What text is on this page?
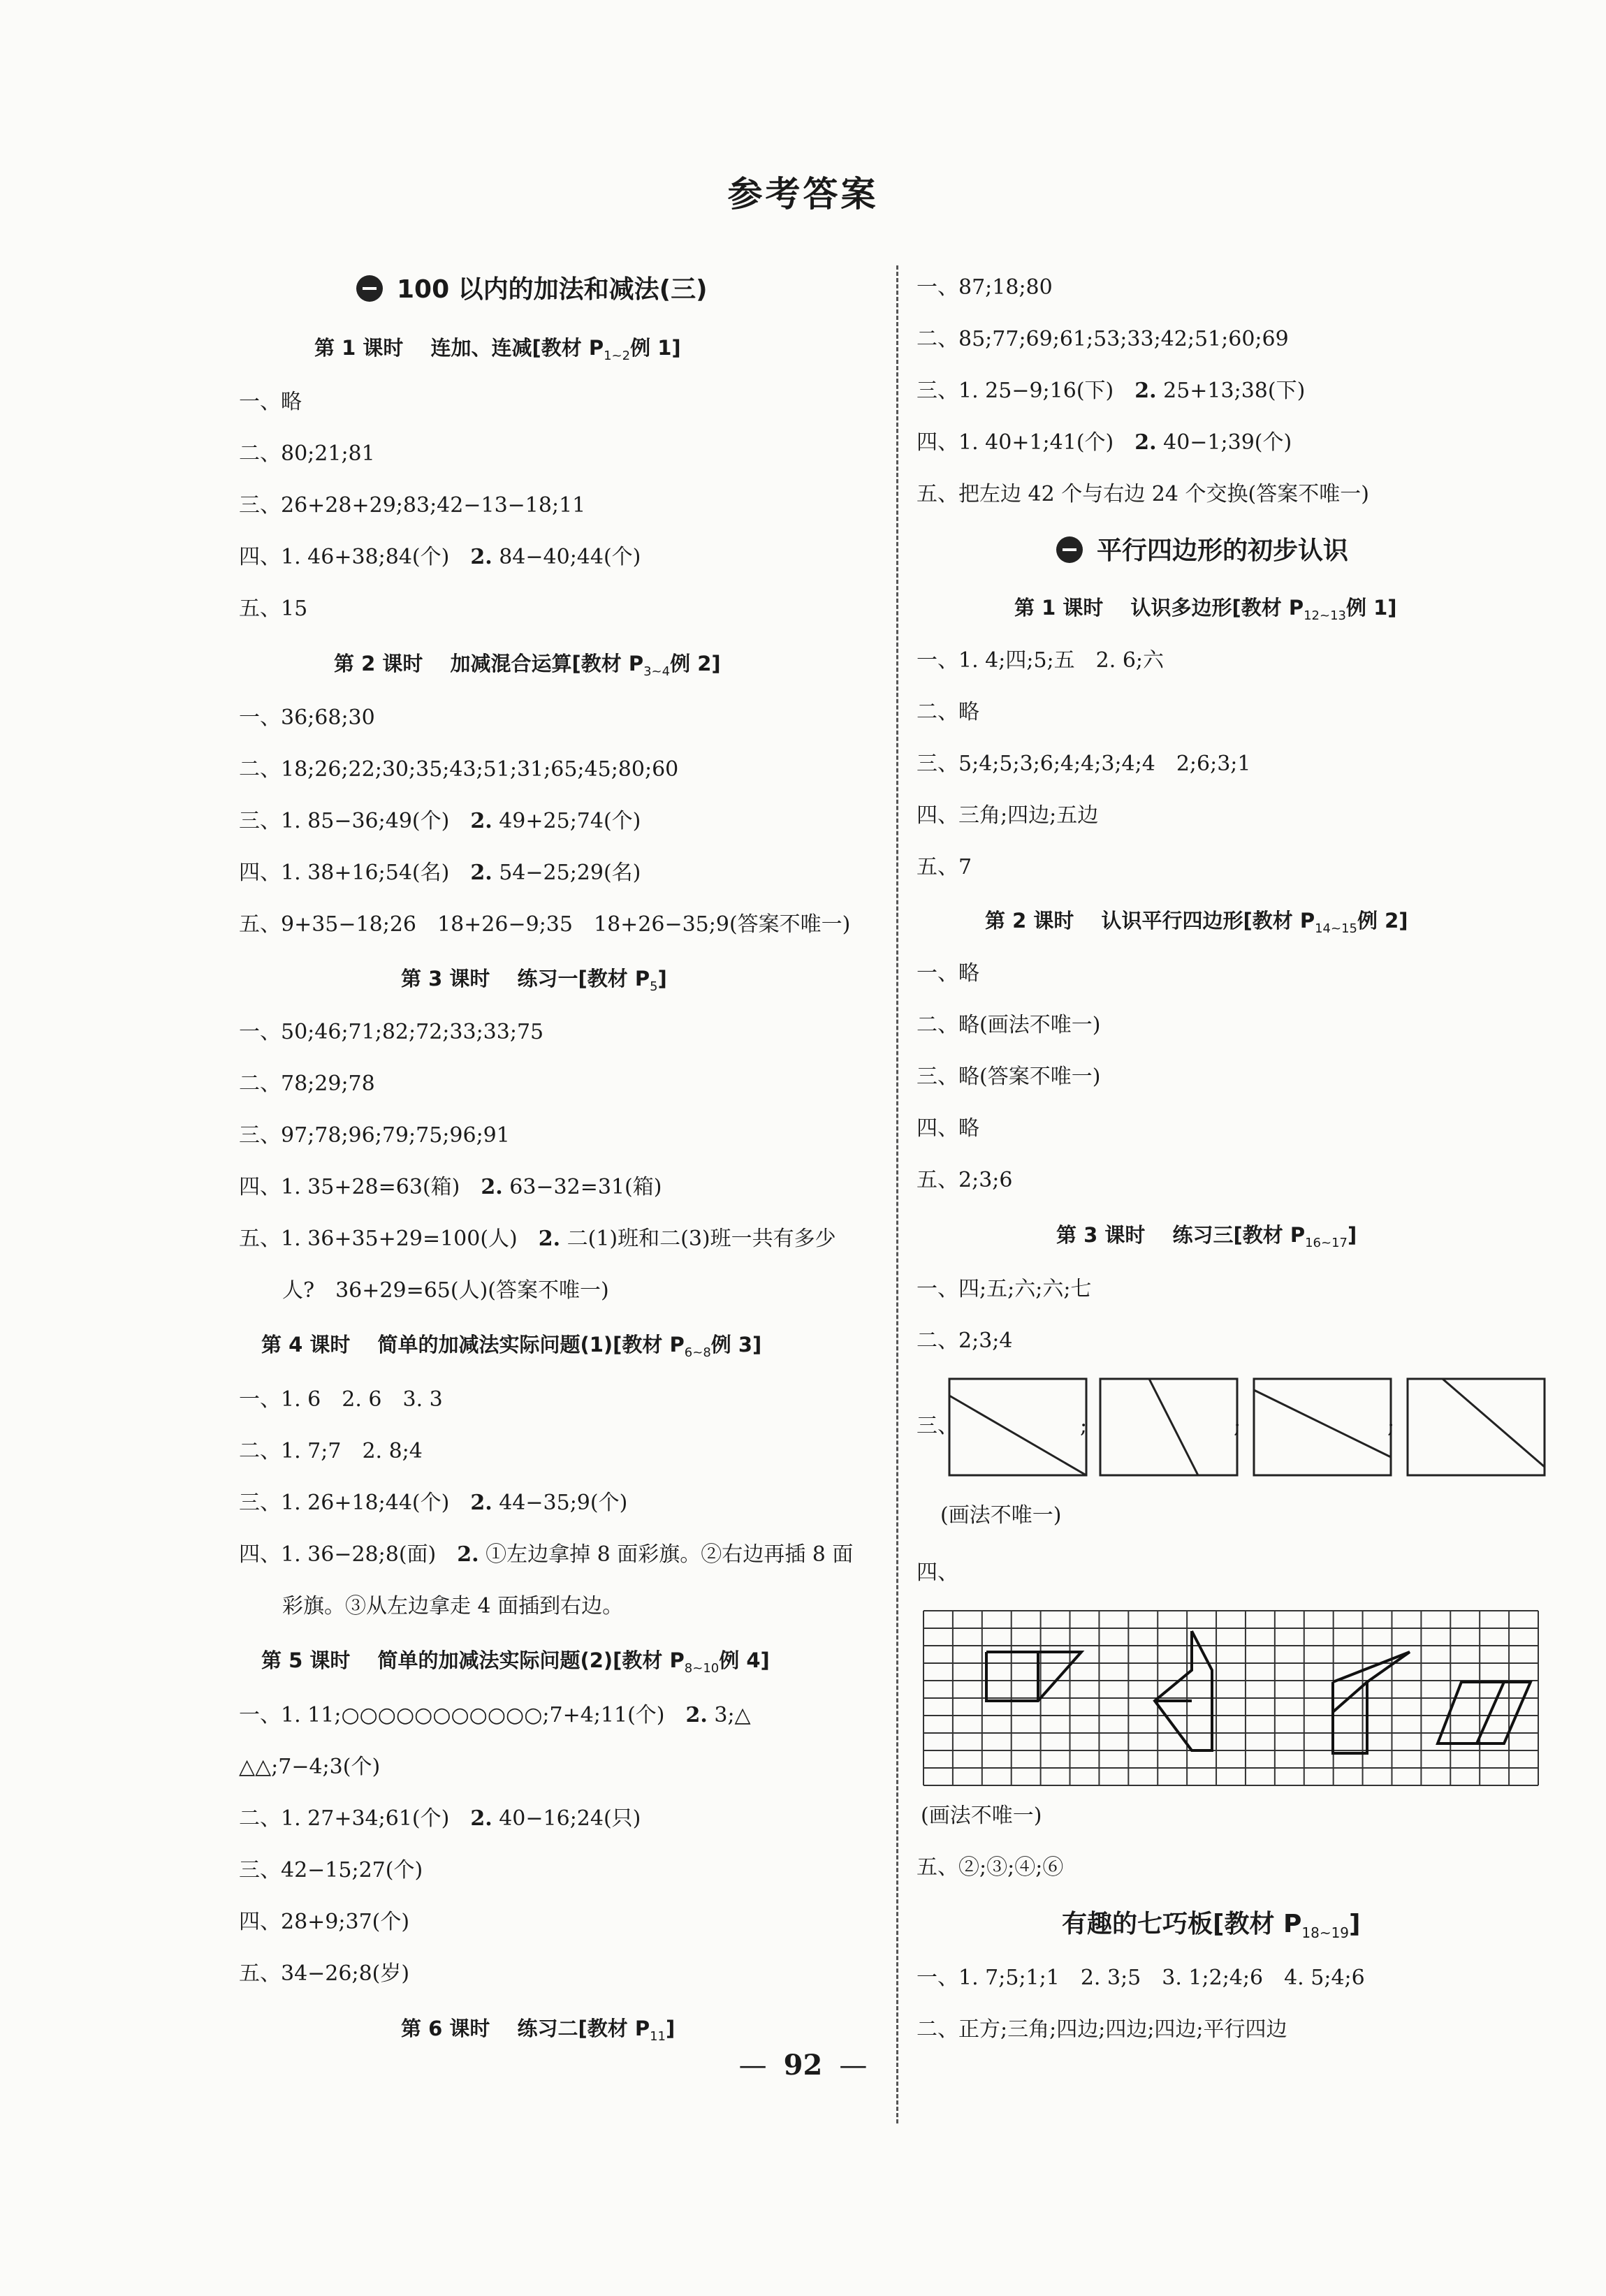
参考答案
100 以内的加法和减法(三)
第 1 课时　 连加、连减[教材 $P_{1\sim 2}$例 1]
一、略
二、80;21;81
三、26+28+29;83;42−13−18;11
四、1. 46+38;84(个)　 2. 84−40;44(个)
五、15
第 2 课时　 加减混合运算[教材 $P_{3\sim 4}$例 2]
一、36;68;30
二、18;26;22;30;35;43;51;31;65;45;80;60
三、1. 85−36;49(个)　 2. 49+25;74(个)
四、1. 38+16;54(名)　 2. 54−25;29(名)
五、9+35−18;26　18+26−9;35　18+26−35;9(答案不唯一)
第 3 课时　 练习一[教材 $P_5$]
一、50;46;71;82;72;33;33;75
二、78;29;78
三、97;78;96;79;75;96;91
四、1. 35+28=63(箱)　 2. 63−32=31(箱)
五、1. 36+35+29=100(人)　 2. 二(1)班和二(3)班一共有多少
人?　36+29=65(人)(答案不唯一)
第 4 课时　 简单的加减法实际问题(1)[教材 $P_{6\sim 8}$例 3]
一、1. 6　2. 6　3. 3
二、1. 7;7　2. 8;4
三、1. 26+18;44(个)　 2. 44−35;9(个)
四、1. 36−28;8(面)　 2. ①左边拿掉 8 面彩旗。②右边再插 8 面
彩旗。③从左边拿走 4 面插到右边。
第 5 课时　 简单的加减法实际问题(2)[教材 $P_{8\sim 10}$例 4]
一、1. 11;○○○○○○○○○○○;7+4;11(个)　 2. 3;△
△△;7−4;3(个)
二、1. 27+34;61(个)　 2. 40−16;24(只)
三、42−15;27(个)
四、28+9;37(个)
五、34−26;8(岁)
第 6 课时　 练习二[教材 $P_{11}$]
一、87;18;80
二、85;77;69;61;53;33;42;51;60;69
三、1. 25−9;16(下)　 2. 25+13;38(下)
四、1. 40+1;41(个)　 2. 40−1;39(个)
五、把左边 42 个与右边 24 个交换(答案不唯一)
平行四边形的初步认识
第 1 课时　 认识多边形[教材 $P_{12\sim 13}$例 1]
一、1. 4;四;5;五　2. 6;六
二、略
三、5;4;5;3;6;4;4;3;4;4　2;6;3;1
四、三角;四边;五边
五、7
第 2 课时　 认识平行四边形[教材 $P_{14\sim 15}$例 2]
一、略
二、略(画法不唯一)
三、略(答案不唯一)
四、略
五、2;3;6
第 3 课时　 练习三[教材 $P_{16\sim 17}$]
一、四;五;六;六;七
二、2;3;4
三、	;	;	;
(画法不唯一)
四、
(画法不唯一)
五、②;③;④;⑥
有趣的七巧板[教材 $P_{18\sim 19}$]
一、1. 7;5;1;1　2. 3;5　3. 1;2;4;6　4. 5;4;6
二、正方;三角;四边;四边;四边;平行四边
— 92 —
